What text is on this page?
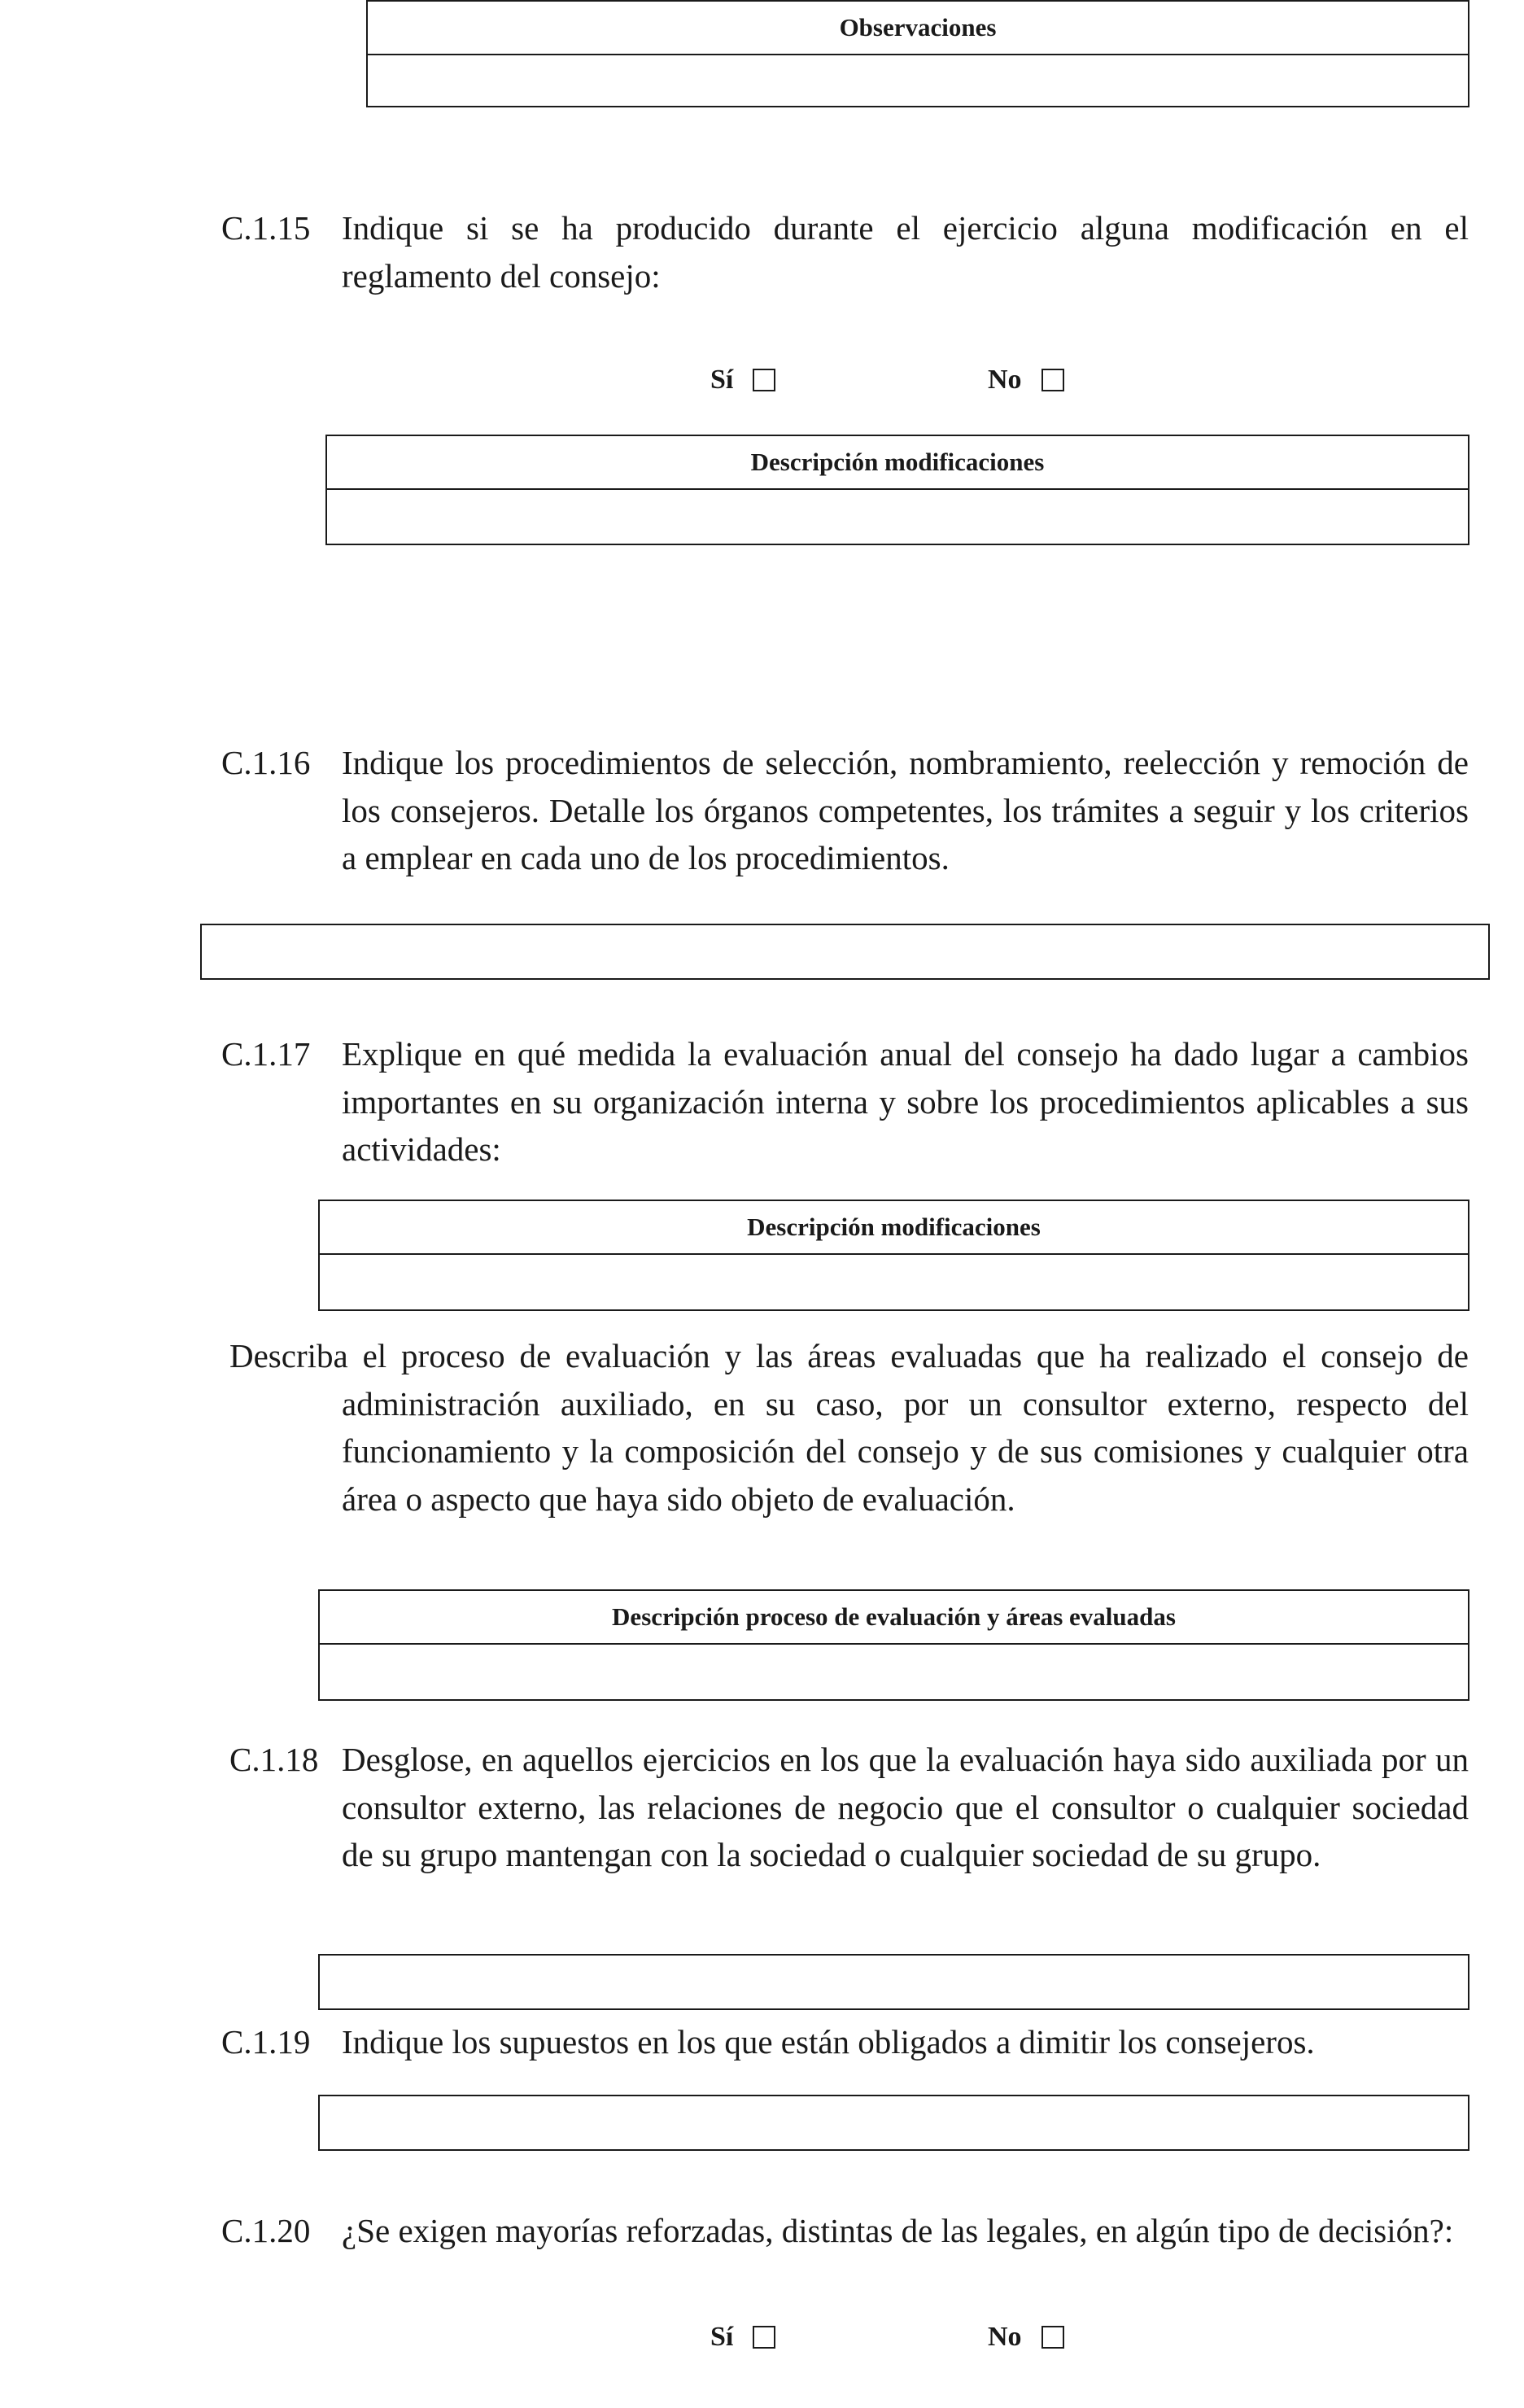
Observaciones
C.1.15 Indique si se ha producido durante el ejercicio alguna modificación en el reglamento del consejo:

Sí	No
Descripción modificaciones
C.1.16 Indique los procedimientos de selección, nombramiento, reelección y remoción de los consejeros. Detalle los órganos competentes, los trámites a seguir y los criterios a emplear en cada uno de los procedimientos.

C.1.17 Explique en qué medida la evaluación anual del consejo ha dado lugar a cambios importantes en su organización interna y sobre los procedimientos aplicables a sus actividades:

Descripción modificaciones

Describa el proceso de evaluación y las áreas evaluadas que ha realizado el consejo de administración auxiliado, en su caso, por un consultor externo, respecto del funcionamiento y la composición del consejo y de sus comisiones y cualquier otra área o aspecto que haya sido objeto de evaluación.

Descripción proceso de evaluación y áreas evaluadas
C.1.18 Desglose, en aquellos ejercicios en los que la evaluación haya sido auxiliada por un consultor externo, las relaciones de negocio que el consultor o cualquier sociedad de su grupo mantengan con la sociedad o cualquier sociedad de su grupo.

C.1.19 Indique los supuestos en los que están obligados a dimitir los consejeros.

C.1.20 ¿Se exigen mayorías reforzadas, distintas de las legales, en algún tipo de decisión?:

Sí	No
